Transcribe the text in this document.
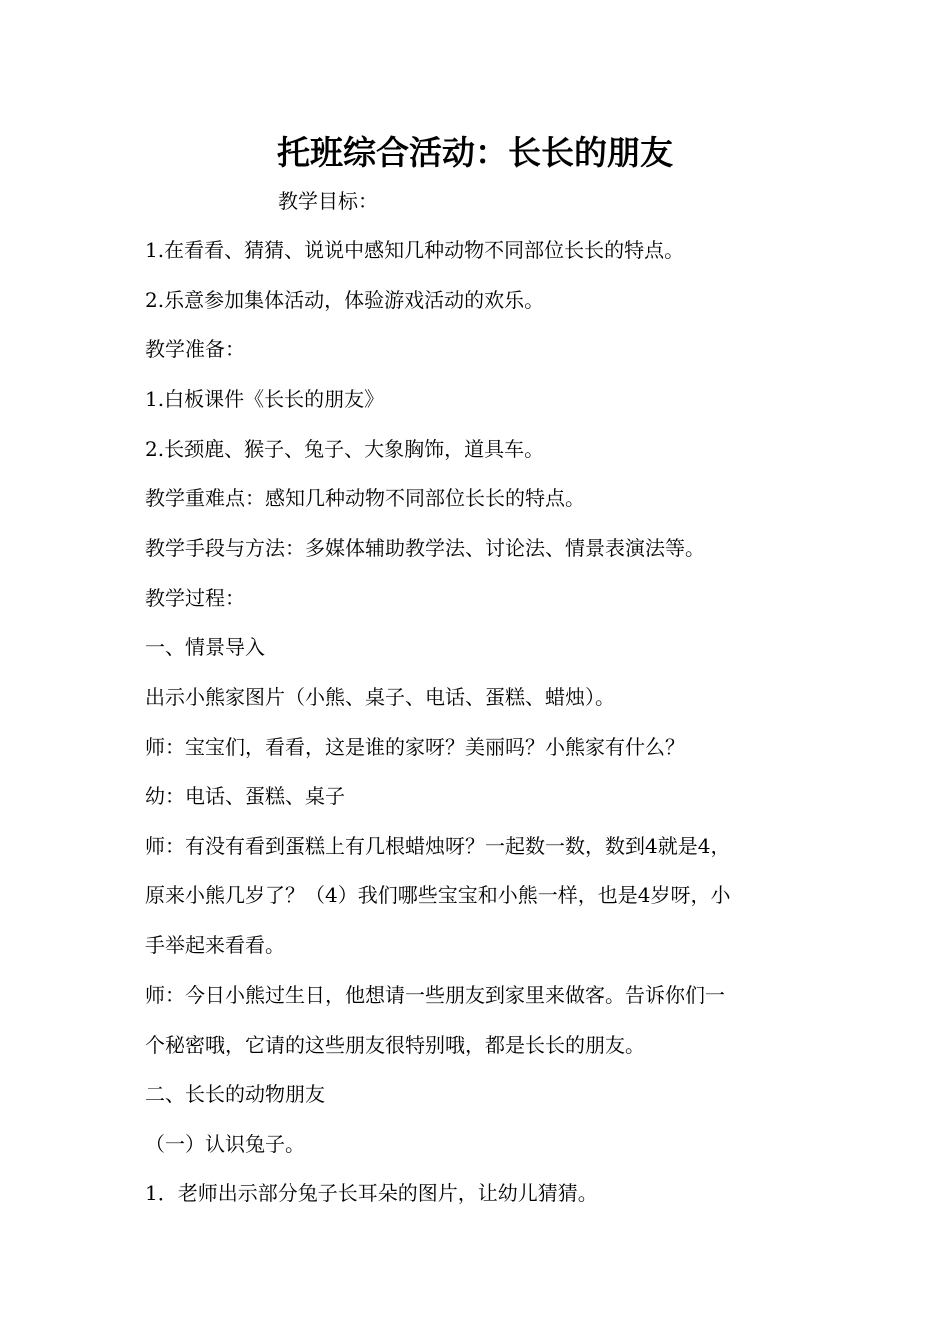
托班综合活动：长长的朋友
教学目标：
1.在看看、猜猜、说说中感知几种动物不同部位长长的特点。
2.乐意参加集体活动，体验游戏活动的欢乐。
教学准备：
1.白板课件《长长的朋友》
2.长颈鹿、猴子、兔子、大象胸饰，道具车。
教学重难点：感知几种动物不同部位长长的特点。
教学手段与方法：多媒体辅助教学法、讨论法、情景表演法等。
教学过程：
一、情景导入
出示小熊家图片（小熊、桌子、电话、蛋糕、蜡烛）。
师：宝宝们，看看，这是谁的家呀？美丽吗？小熊家有什么？
幼：电话、蛋糕、桌子
师：有没有看到蛋糕上有几根蜡烛呀？一起数一数，数到4就是4，
原来小熊几岁了？（4）我们哪些宝宝和小熊一样，也是4岁呀，小
手举起来看看。
师：今日小熊过生日，他想请一些朋友到家里来做客。告诉你们一
个秘密哦，它请的这些朋友很特别哦，都是长长的朋友。
二、长长的动物朋友
（一）认识兔子。
1．老师出示部分兔子长耳朵的图片，让幼儿猜猜。
